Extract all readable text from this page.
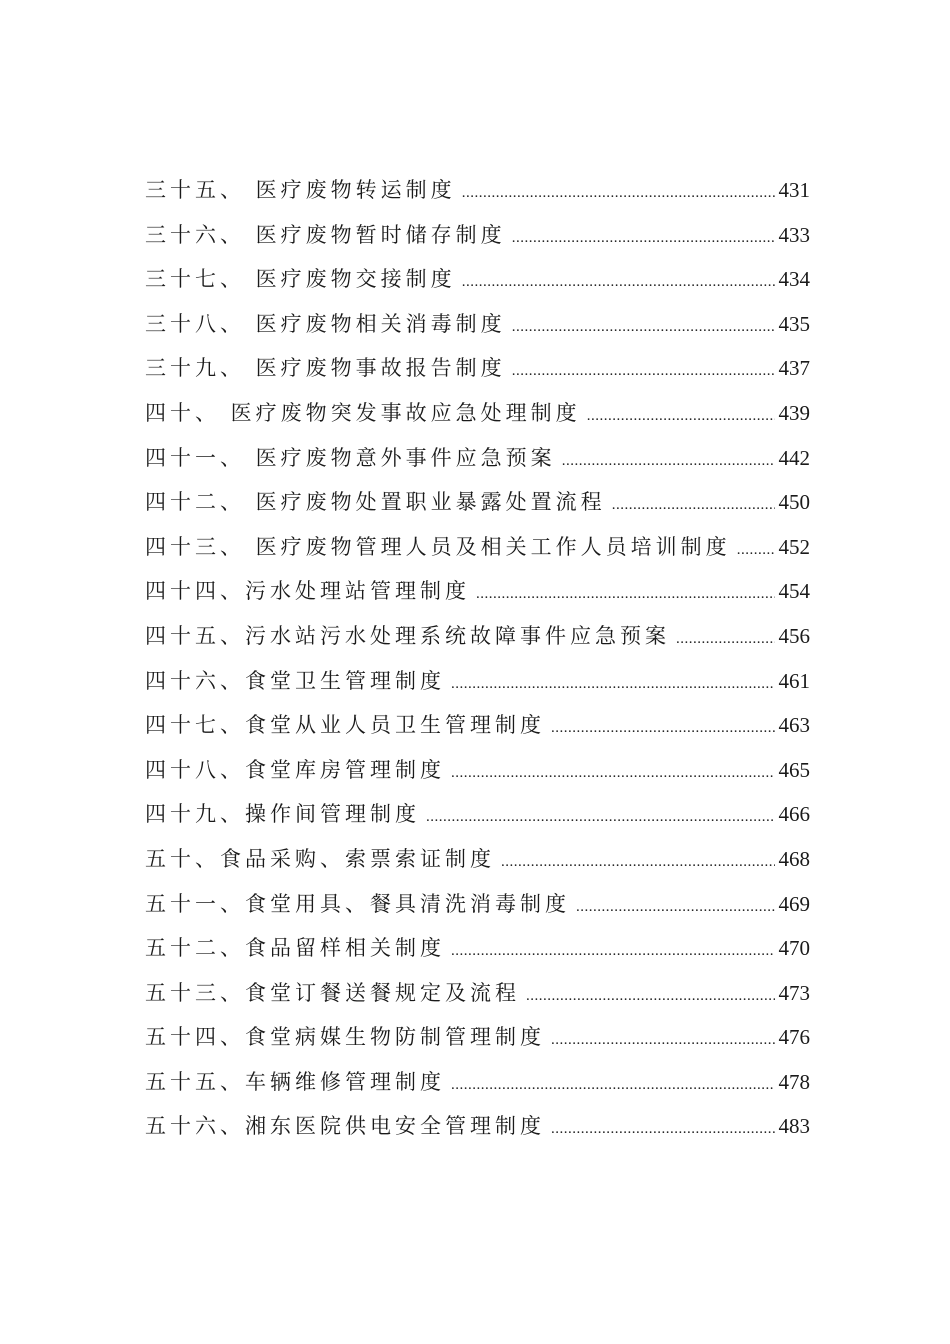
三十五、 医疗废物转运制度 .....	431
三十六、 医疗废物暂时储存制度 .....	433
三十七、 医疗废物交接制度 .....	434
三十八、 医疗废物相关消毒制度 .....	435
三十九、 医疗废物事故报告制度 .....	437
四十、 医疗废物突发事故应急处理制度 .....	439
四十一、 医疗废物意外事件应急预案 .....	442
四十二、 医疗废物处置职业暴露处置流程 .....	450
四十三、 医疗废物管理人员及相关工作人员培训制度 ..... 452
四十四、污水处理站管理制度 .....	454
四十五、污水站污水处理系统故障事件应急预案 .....	456
四十六、食堂卫生管理制度 .....	461
四十七、食堂从业人员卫生管理制度 .....	463
四十八、食堂库房管理制度 .....	465
四十九、操作间管理制度 .....	466
五十、食品采购、索票索证制度 .....	468
五十一、食堂用具、餐具清洗消毒制度 .....	469
五十二、食品留样相关制度 .....	470
五十三、食堂订餐送餐规定及流程 .....	473
五十四、食堂病媒生物防制管理制度 .....	476
五十五、车辆维修管理制度 .....	478
五十六、湘东医院供电安全管理制度 .....	483
